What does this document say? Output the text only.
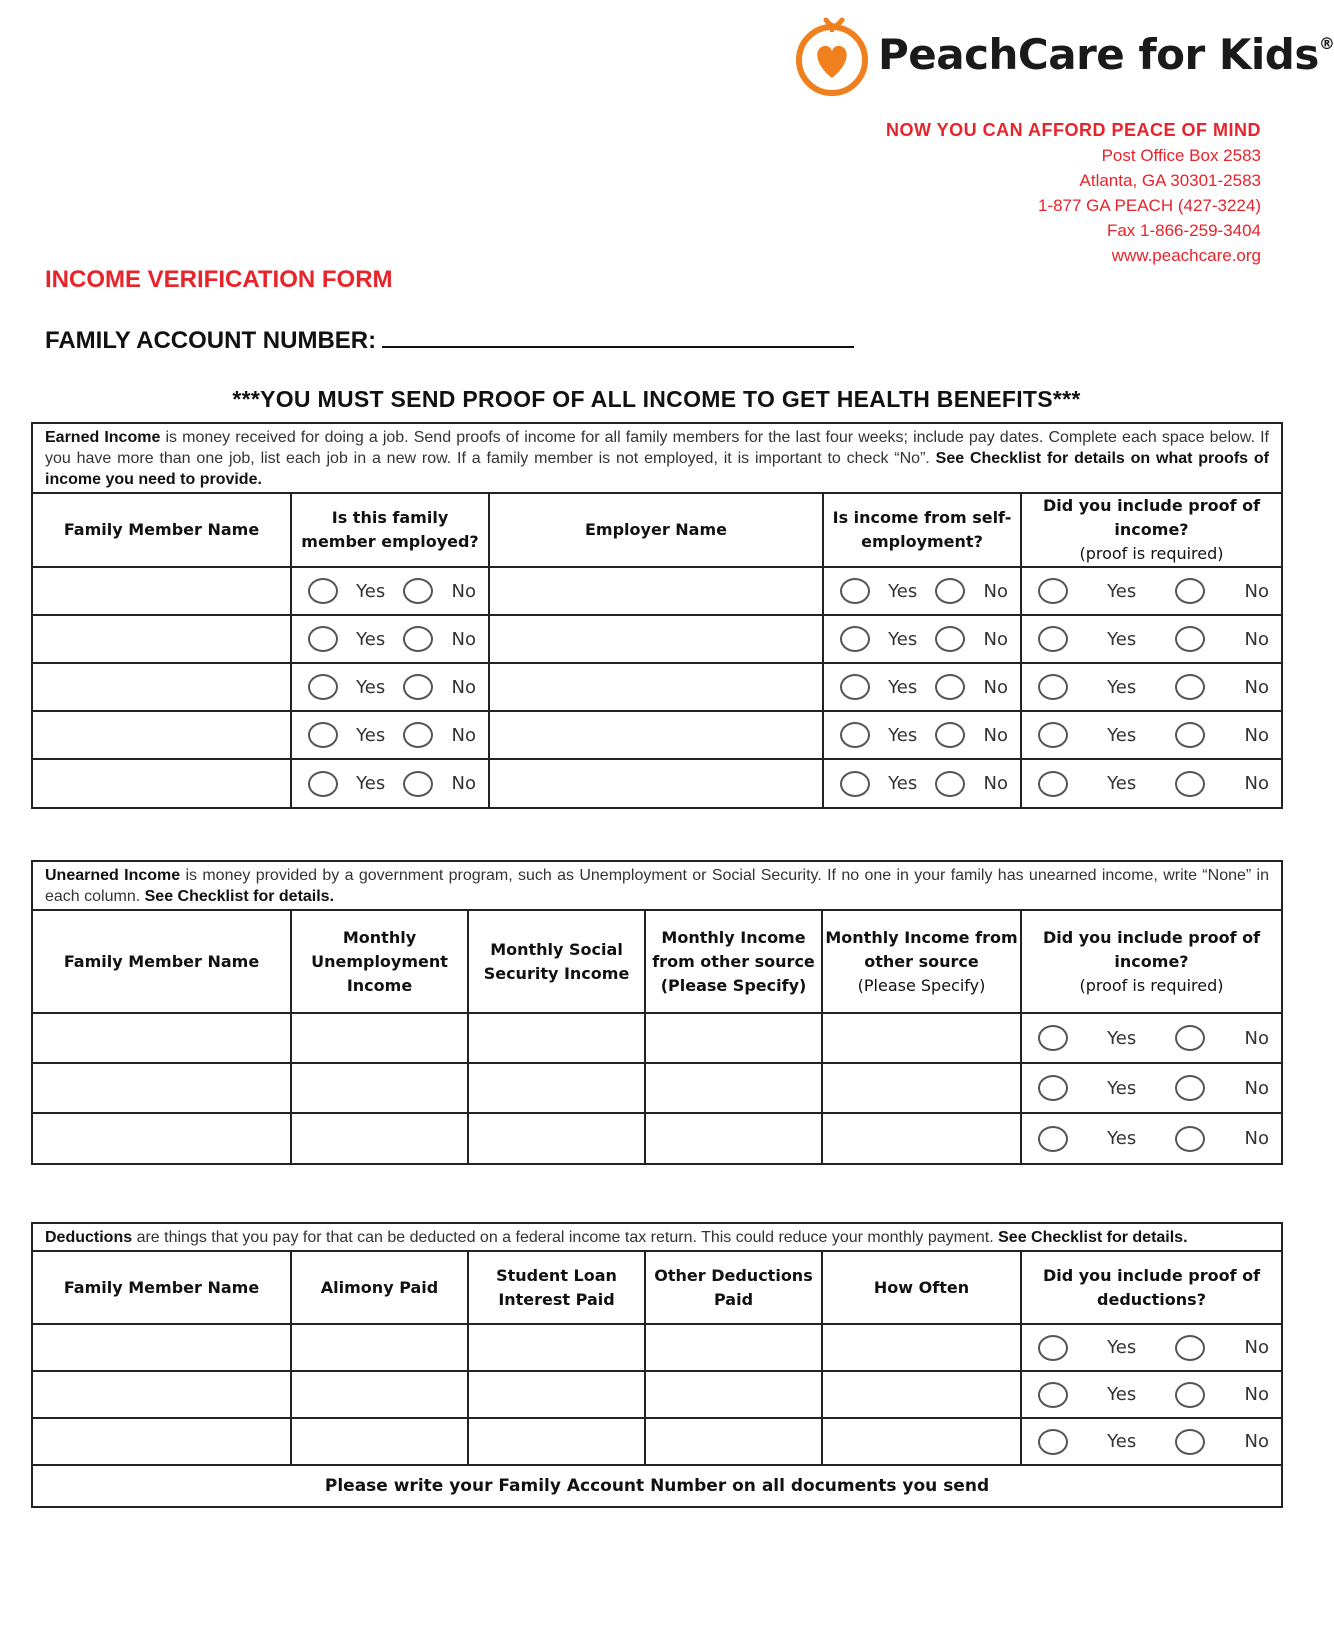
PeachCare for Kids®
NOW YOU CAN AFFORD PEACE OF MIND
Post Office Box 2583
Atlanta, GA 30301-2583
1-877 GA PEACH (427-3224)
Fax 1-866-259-3404
www.peachcare.org
INCOME VERIFICATION FORM
FAMILY ACCOUNT NUMBER:
***YOU MUST SEND PROOF OF ALL INCOME TO GET HEALTH BENEFITS***
Earned Income is money received for doing a job. Send proofs of income for all family members for the last four weeks; include pay dates. Complete each space below. If you have more than one job, list each job in a new row. If a family member is not employed, it is important to check “No”. See Checklist for details on what proofs of income you need to provide.
Family Member Name	Is this family member employed?	Employer Name	Is income from self-employment?	Did you include proof of income?
(proof is required)

	Yes No		Yes No	Yes No

	Yes No		Yes No	Yes No

	Yes No		Yes No	Yes No

	Yes No		Yes No	Yes No

	Yes No		Yes No	Yes No
Unearned Income is money provided by a government program, such as Unemployment or Social Security. If no one in your family has unearned income, write “None” in each column. See Checklist for details.
Family Member Name	Monthly Unemployment Income	Monthly Social Security Income	Monthly Income from other source (Please Specify)	Monthly Income from other source
(Please Specify)	Did you include proof of income?
(proof is required)

					Yes No

					Yes No

					Yes No
Deductions are things that you pay for that can be deducted on a federal income tax return. This could reduce your monthly payment. See Checklist for details.
Family Member Name	Alimony Paid	Student Loan Interest Paid	Other Deductions Paid	How Often	Did you include proof of deductions?

					Yes No

					Yes No

					Yes No

Please write your Family Account Number on all documents you send					
